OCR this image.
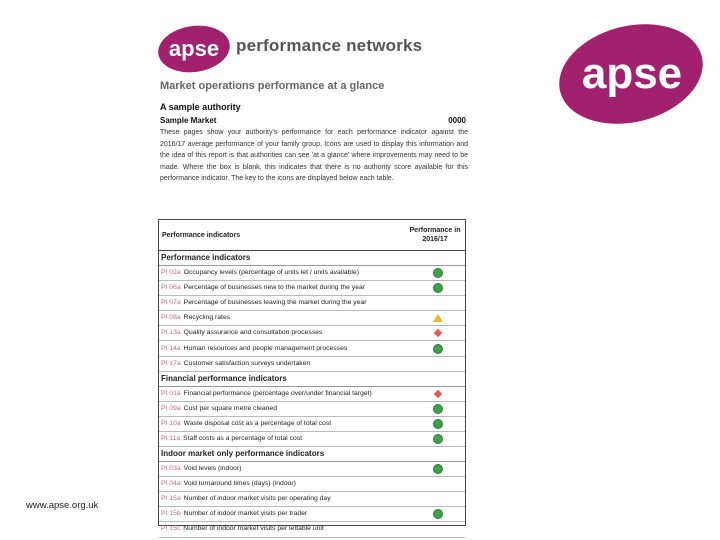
apse performance networks
apse
Market operations performance at a glance
A sample authority
Sample Market	0000
These pages show your authority's performance for each performance indicator against the 2016/17 average performance of your family group. Icons are used to display this information and the idea of this report is that authorities can see 'at a glance' where improvements may need to be made. Where the box is blank, this indicates that there is no authority score available for this performance indicator. The key to the icons are displayed below each table.
Performance indicators
Performance in 2016/17
Performance indicators
PI 02a Occupancy levels (percentage of units let / units available)
PI 06a Percentage of businesses new to the market during the year
PI 07a Percentage of businesses leaving the market during the year
PI 08a Recycling rates
PI 13a Quality assurance and consultation processes
PI 14a Human resources and people management processes
PI 17a Customer satisfaction surveys undertaken
Financial performance indicators
PI 01a Financial performance (percentage over/under financial target)
PI 09a Cost per square metre cleaned
PI 10a Waste disposal cost as a percentage of total cost
PI 11a Staff costs as a percentage of total cost
Indoor market only performance indicators
PI 03a Void levels (indoor)
PI 04a Void turnaround times (days) (indoor)
PI 15a Number of indoor market visits per operating day
PI 15b Number of indoor market visits per trader
PI 15c Number of indoor market visits per lettable unit
www.apse.org.uk
